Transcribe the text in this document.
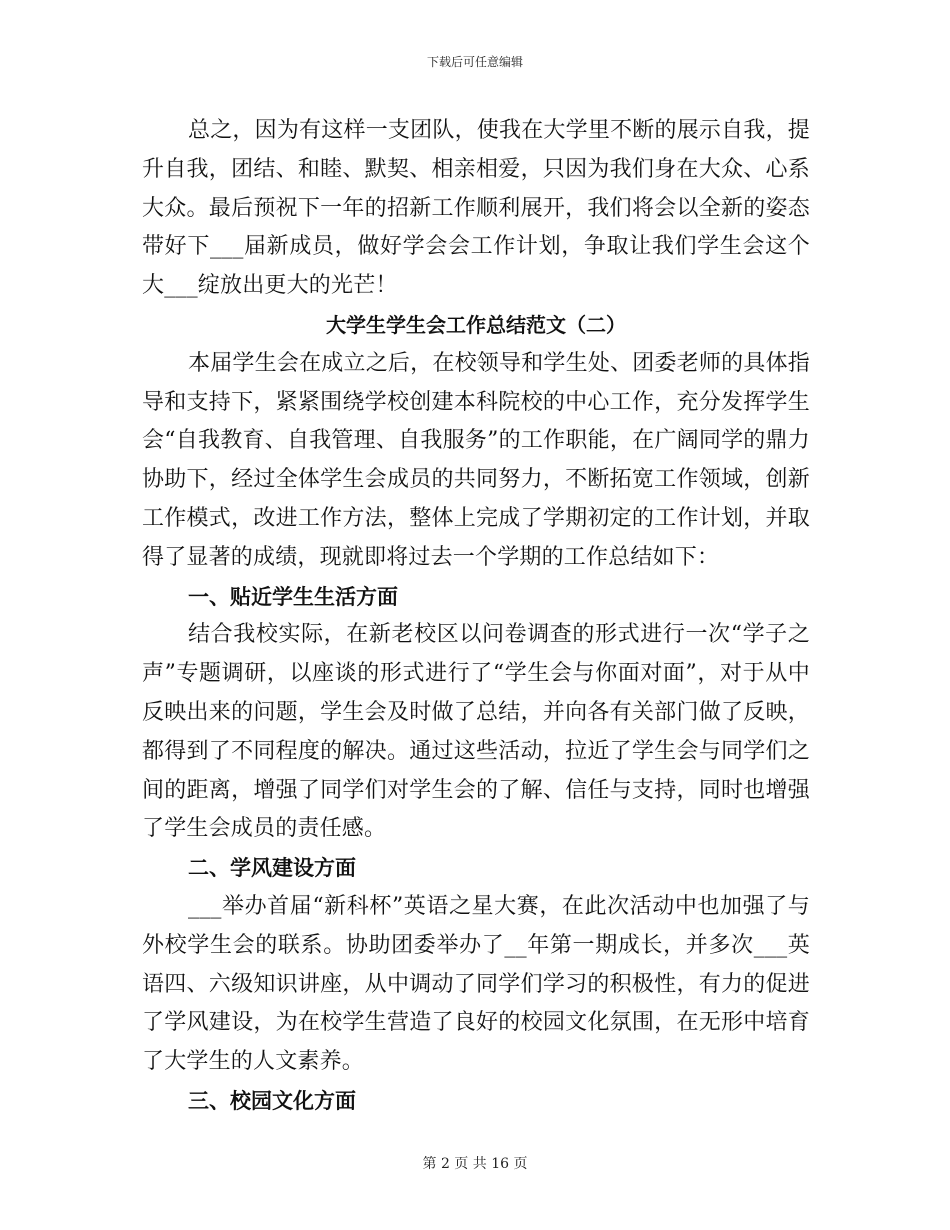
下载后可任意编辑

总之，因为有这样一支团队，使我在大学里不断的展示自我，提升自我，团结、和睦、默契、相亲相爱，只因为我们身在大众、心系大众。最后预祝下一年的招新工作顺利展开，我们将会以全新的姿态带好下___届新成员，做好学会会工作计划，争取让我们学生会这个大___绽放出更大的光芒！

大学生学生会工作总结范文（二）

本届学生会在成立之后，在校领导和学生处、团委老师的具体指导和支持下，紧紧围绕学校创建本科院校的中心工作，充分发挥学生会“自我教育、自我管理、自我服务”的工作职能，在广阔同学的鼎力协助下，经过全体学生会成员的共同努力，不断拓宽工作领域，创新工作模式，改进工作方法，整体上完成了学期初定的工作计划，并取得了显著的成绩，现就即将过去一个学期的工作总结如下：

一、贴近学生生活方面

结合我校实际，在新老校区以问卷调查的形式进行一次“学子之声”专题调研，以座谈的形式进行了“学生会与你面对面”，对于从中反映出来的问题，学生会及时做了总结，并向各有关部门做了反映，都得到了不同程度的解决。通过这些活动，拉近了学生会与同学们之间的距离，增强了同学们对学生会的了解、信任与支持，同时也增强了学生会成员的责任感。

二、学风建设方面

___举办首届“新科杯”英语之星大赛，在此次活动中也加强了与外校学生会的联系。协助团委举办了__年第一期成长，并多次___英语四、六级知识讲座，从中调动了同学们学习的积极性，有力的促进了学风建设，为在校学生营造了良好的校园文化氛围，在无形中培育了大学生的人文素养。

三、校园文化方面

第 2 页 共 16 页
